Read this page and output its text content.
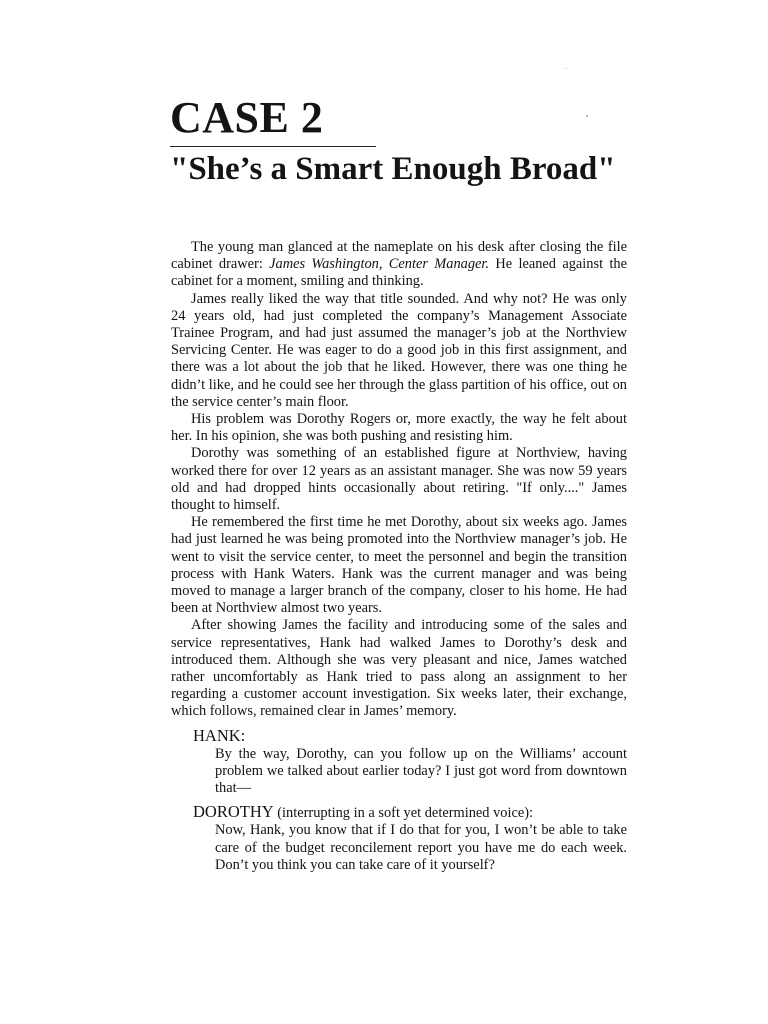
CASE 2
"She’s a Smart Enough Broad"

The young man glanced at the nameplate on his desk after closing the file cabinet drawer: James Washington, Center Manager. He leaned against the cabinet for a moment, smiling and thinking.

James really liked the way that title sounded. And why not? He was only 24 years old, had just completed the company’s Management Associate Trainee Program, and had just assumed the manager’s job at the Northview Servicing Center. He was eager to do a good job in this first assignment, and there was a lot about the job that he liked. However, there was one thing he didn’t like, and he could see her through the glass partition of his office, out on the service center’s main floor.

His problem was Dorothy Rogers or, more exactly, the way he felt about her. In his opinion, she was both pushing and resisting him.

Dorothy was something of an established figure at Northview, having worked there for over 12 years as an assistant manager. She was now 59 years old and had dropped hints occasionally about retiring. "If only...." James thought to himself.

He remembered the first time he met Dorothy, about six weeks ago. James had just learned he was being promoted into the Northview manager’s job. He went to visit the service center, to meet the personnel and begin the transition process with Hank Waters. Hank was the current manager and was being moved to manage a larger branch of the company, closer to his home. He had been at Northview almost two years.

After showing James the facility and introducing some of the sales and service representatives, Hank had walked James to Dorothy’s desk and introduced them. Although she was very pleasant and nice, James watched rather uncomfortably as Hank tried to pass along an assignment to her regarding a customer account investigation. Six weeks later, their exchange, which follows, remained clear in James’ memory.

HANK:
By the way, Dorothy, can you follow up on the Williams’ account problem we talked about earlier today? I just got word from downtown that—
DOROTHY (interrupting in a soft yet determined voice):
Now, Hank, you know that if I do that for you, I won’t be able to take care of the budget reconcilement report you have me do each week. Don’t you think you can take care of it yourself?
